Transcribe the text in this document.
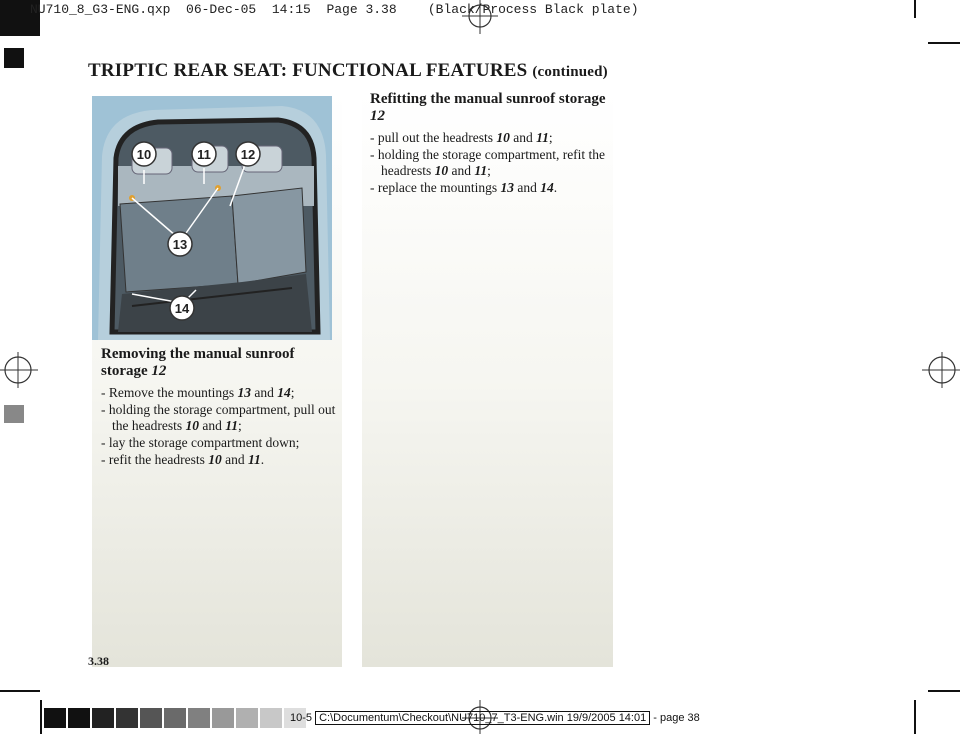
NU710_8_G3-ENG.qxp  06-Dec-05  14:15  Page 3.38    (Black/Process Black plate)
TRIPTIC REAR SEAT: FUNCTIONAL FEATURES (continued)
10	11 12
13
14
Removing the manual sunroof storage 12
- Remove the mountings 13 and 14;
- holding the storage compartment, pull out the headrests 10 and 11;
- lay the storage compartment down;
- refit the headrests 10 and 11.
Refitting the manual sunroof storage 12
- pull out the headrests 10 and 11;
- holding the storage compartment, refit the headrests 10 and 11;
- replace the mountings 13 and 14.
3.38
10-5 C:\Documentum\Checkout\NU710_7_T3-ENG.win 19/9/2005 14:01 - page 38
